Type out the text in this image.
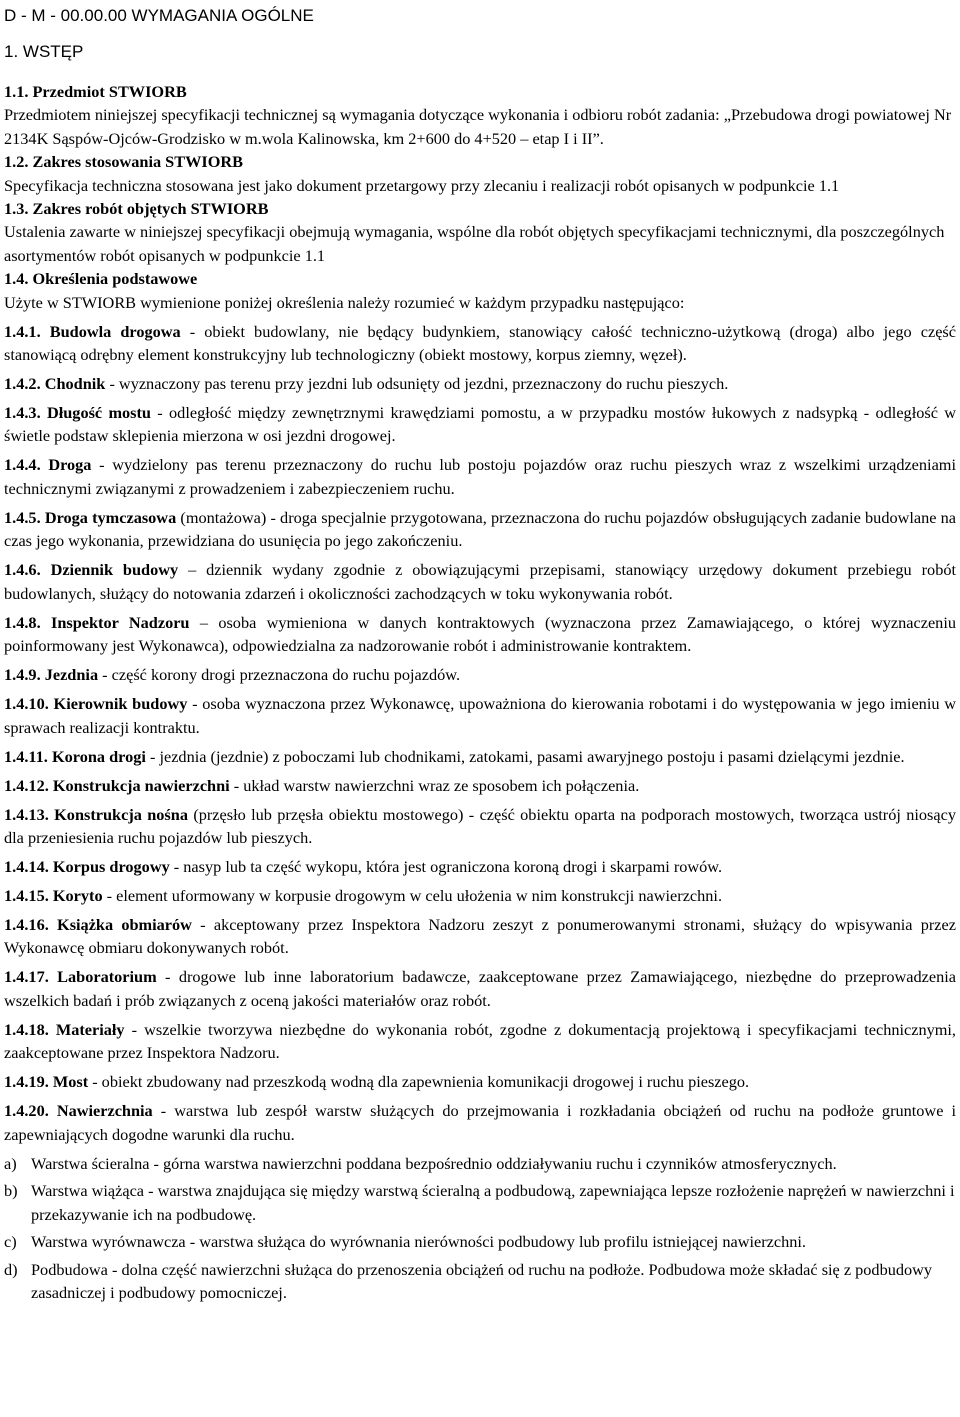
D - M - 00.00.00 WYMAGANIA OGÓLNE
1. WSTĘP
1.1. Przedmiot STWIORB
Przedmiotem niniejszej specyfikacji technicznej są wymagania dotyczące wykonania i odbioru robót zadania: „Przebudowa drogi powiatowej Nr 2134K Sąspów-Ojców-Grodzisko w m.wola Kalinowska, km 2+600 do 4+520 – etap I i II”.
1.2. Zakres stosowania STWIORB
Specyfikacja techniczna stosowana jest jako dokument przetargowy przy zlecaniu i realizacji robót opisanych w podpunkcie 1.1
1.3. Zakres robót objętych STWIORB
Ustalenia zawarte w niniejszej specyfikacji obejmują wymagania, wspólne dla robót objętych specyfikacjami technicznymi, dla poszczególnych asortymentów robót opisanych w podpunkcie 1.1
1.4. Określenia podstawowe
Użyte w STWIORB wymienione poniżej określenia należy rozumieć w każdym przypadku następująco:
1.4.1. Budowla drogowa - obiekt budowlany, nie będący budynkiem, stanowiący całość techniczno-użytkową (droga) albo jego część stanowiącą odrębny element konstrukcyjny lub technologiczny (obiekt mostowy, korpus ziemny, węzeł).
1.4.2. Chodnik - wyznaczony pas terenu przy jezdni lub odsunięty od jezdni, przeznaczony do ruchu pieszych.
1.4.3. Długość mostu - odległość między zewnętrznymi krawędziami pomostu, a w przypadku mostów łukowych z nadsypką - odległość w świetle podstaw sklepienia mierzona w osi jezdni drogowej.
1.4.4. Droga - wydzielony pas terenu przeznaczony do ruchu lub postoju pojazdów oraz ruchu pieszych wraz z wszelkimi urządzeniami technicznymi związanymi z prowadzeniem i zabezpieczeniem ruchu.
1.4.5. Droga tymczasowa (montażowa) - droga specjalnie przygotowana, przeznaczona do ruchu pojazdów obsługujących zadanie budowlane na czas jego wykonania, przewidziana do usunięcia po jego zakończeniu.
1.4.6. Dziennik budowy – dziennik wydany zgodnie z obowiązującymi przepisami, stanowiący urzędowy dokument przebiegu robót budowlanych, służący do notowania zdarzeń i okoliczności zachodzących w toku wykonywania robót.
1.4.8. Inspektor Nadzoru – osoba wymieniona w danych kontraktowych (wyznaczona przez Zamawiającego, o której wyznaczeniu poinformowany jest Wykonawca), odpowiedzialna za nadzorowanie robót i administrowanie kontraktem.
1.4.9. Jezdnia - część korony drogi przeznaczona do ruchu pojazdów.
1.4.10. Kierownik budowy - osoba wyznaczona przez Wykonawcę, upoważniona do kierowania robotami i do występowania w jego imieniu w sprawach realizacji kontraktu.
1.4.11. Korona drogi - jezdnia (jezdnie) z poboczami lub chodnikami, zatokami, pasami awaryjnego postoju i pasami dzielącymi jezdnie.
1.4.12. Konstrukcja nawierzchni - układ warstw nawierzchni wraz ze sposobem ich połączenia.
1.4.13. Konstrukcja nośna (przęsło lub przęsła obiektu mostowego) - część obiektu oparta na podporach mostowych, tworząca ustrój niosący dla przeniesienia ruchu pojazdów lub pieszych.
1.4.14. Korpus drogowy - nasyp lub ta część wykopu, która jest ograniczona koroną drogi i skarpami rowów.
1.4.15. Koryto - element uformowany w korpusie drogowym w celu ułożenia w nim konstrukcji nawierzchni.
1.4.16. Książka obmiarów - akceptowany przez Inspektora Nadzoru zeszyt z ponumerowanymi stronami, służący do wpisywania przez Wykonawcę obmiaru dokonywanych robót.
1.4.17. Laboratorium - drogowe lub inne laboratorium badawcze, zaakceptowane przez Zamawiającego, niezbędne do przeprowadzenia wszelkich badań i prób związanych z oceną jakości materiałów oraz robót.
1.4.18. Materiały - wszelkie tworzywa niezbędne do wykonania robót, zgodne z dokumentacją projektową i specyfikacjami technicznymi, zaakceptowane przez Inspektora Nadzoru.
1.4.19. Most - obiekt zbudowany nad przeszkodą wodną dla zapewnienia komunikacji drogowej i ruchu pieszego.
1.4.20. Nawierzchnia - warstwa lub zespół warstw służących do przejmowania i rozkładania obciążeń od ruchu na podłoże gruntowe i zapewniających dogodne warunki dla ruchu.
a) Warstwa ścieralna - górna warstwa nawierzchni poddana bezpośrednio oddziaływaniu ruchu i czynników atmosferycznych.
b) Warstwa wiążąca - warstwa znajdująca się między warstwą ścieralną a podbudową, zapewniająca lepsze rozłożenie naprężeń w nawierzchni i przekazywanie ich na podbudowę.
c) Warstwa wyrównawcza - warstwa służąca do wyrównania nierówności podbudowy lub profilu istniejącej nawierzchni.
d) Podbudowa - dolna część nawierzchni służąca do przenoszenia obciążeń od ruchu na podłoże. Podbudowa może składać się z podbudowy zasadniczej i podbudowy pomocniczej.
